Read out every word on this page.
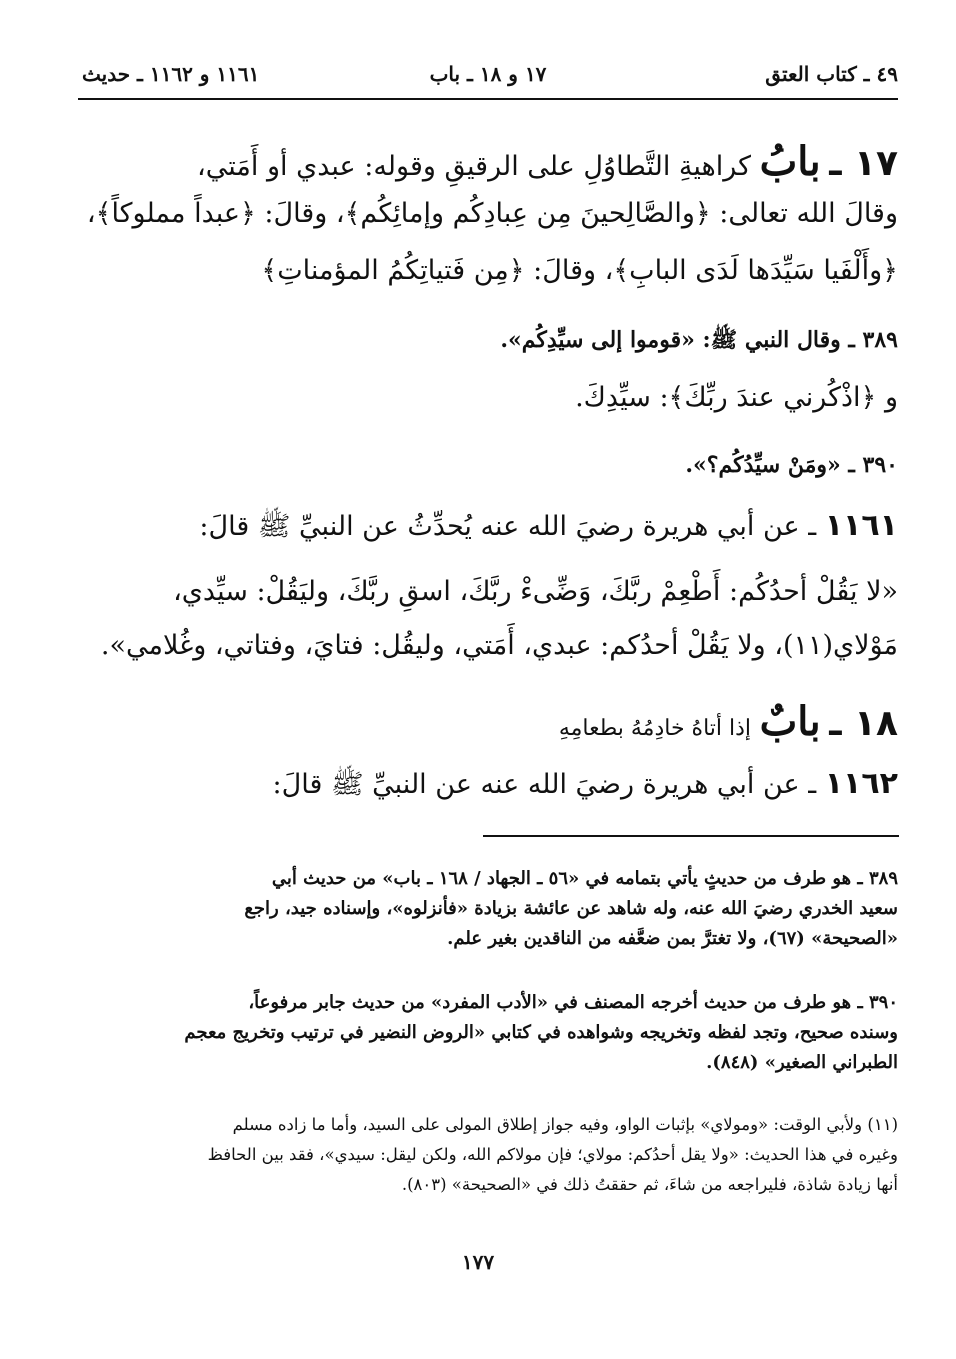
٤٩ ـ كتاب العتق
١٧ و ١٨ ـ باب
١١٦١ و ١١٦٢ ـ حديث
١٧ ـ بابُ كراهيةِ التَّطاوُلِ على الرقيقِ وقوله: عبدي أو أَمَتي،
وقالَ الله تعالى: ﴿والصَّالِحينَ مِن عِبادِكُم وإمائِكُم﴾، وقالَ: ﴿عبداً مملوكاً﴾،
﴿وأَلْفَيا سَيِّدَها لَدَى البابِ﴾، وقالَ: ﴿مِن فَتياتِكُمُ المؤمناتِ﴾
٣٨٩ ـ وقال النبي ﷺ: «قوموا إلى سيِّدِكُم».
و ﴿اذْكُرني عندَ ربِّكَ﴾: سيِّدِكَ.
٣٩٠ ـ «ومَنْ سيِّدُكُم؟».
١١٦١ ـ عن أبي هريرة رضيَ الله عنه يُحدِّثُ عن النبيِّ ﷺ قالَ:
«لا يَقُلْ أحدُكُم: أَطْعِمْ ربَّكَ، وَضِّىءْ ربَّكَ، اسقِ ربَّكَ، وليَقُلْ: سيِّدي،
مَوْلاي(١١)، ولا يَقُلْ أحدُكم: عبدي، أَمَتي، وليقُل: فتايَ، وفتاتي، وغُلامي».
١٨ ـ بابٌ إذا أتاهُ خادِمُهُ بطعامِهِ
١١٦٢ ـ عن أبي هريرة رضيَ الله عنه عن النبيِّ ﷺ قالَ:
٣٨٩ ـ هو طرف من حديثٍ يأتي بتمامه في «٥٦ ـ الجهاد / ١٦٨ ـ باب» من حديث أبي
سعيد الخدري رضيَ الله عنه، وله شاهد عن عائشة بزيادة «فأنزلوه»، وإسناده جيد، راجع
«الصحيحة» (٦٧)، ولا تغترَّ بمن ضعَّفه من الناقدين بغير علم.
٣٩٠ ـ هو طرف من حديث أخرجه المصنف في «الأدب المفرد» من حديث جابر مرفوعاً،
وسنده صحيح، وتجد لفظه وتخريجه وشواهده في كتابي «الروض النضير في ترتيب وتخريج معجم
الطبراني الصغير» (٨٤٨).
(١١) ولأبي الوقت: «ومولاي» بإثبات الواو، وفيه جواز إطلاق المولى على السيد، وأما ما زاده مسلم
وغيره في هذا الحديث: «ولا يقل أحدُكم: مولاي؛ فإن مولاكم الله، ولكن ليقل: سيدي»، فقد بين الحافظ
أنها زيادة شاذة، فليراجعه من شاءَ، ثم حققتُ ذلك في «الصحيحة» (٨٠٣).
١٧٧
